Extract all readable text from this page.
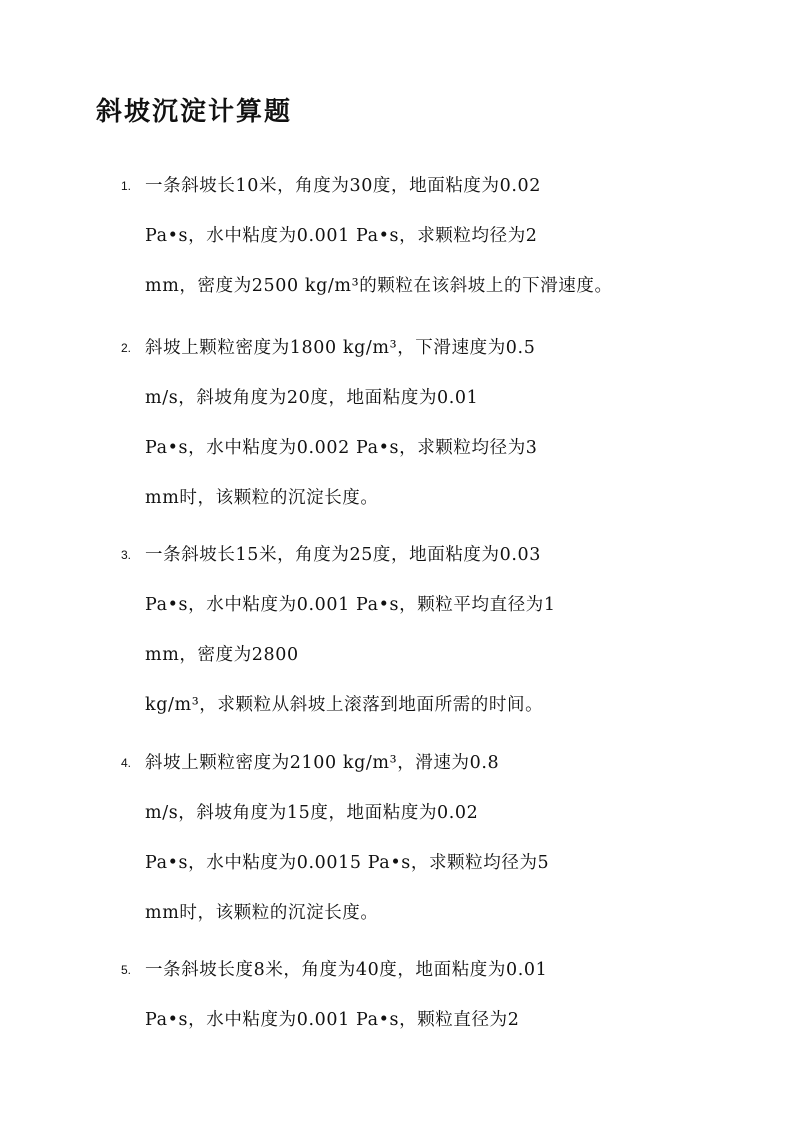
斜坡沉淀计算题
1. 一条斜坡长10米，角度为30度，地面粘度为0.02
Pa•s，水中粘度为0.001 Pa•s，求颗粒均径为2
mm，密度为2500 kg/m³的颗粒在该斜坡上的下滑速度。
2. 斜坡上颗粒密度为1800 kg/m³，下滑速度为0.5
m/s，斜坡角度为20度，地面粘度为0.01
Pa•s，水中粘度为0.002 Pa•s，求颗粒均径为3
mm时，该颗粒的沉淀长度。
3. 一条斜坡长15米，角度为25度，地面粘度为0.03
Pa•s，水中粘度为0.001 Pa•s，颗粒平均直径为1
mm，密度为2800
kg/m³，求颗粒从斜坡上滚落到地面所需的时间。
4. 斜坡上颗粒密度为2100 kg/m³，滑速为0.8
m/s，斜坡角度为15度，地面粘度为0.02
Pa•s，水中粘度为0.0015 Pa•s，求颗粒均径为5
mm时，该颗粒的沉淀长度。
5. 一条斜坡长度8米，角度为40度，地面粘度为0.01
Pa•s，水中粘度为0.001 Pa•s，颗粒直径为2
